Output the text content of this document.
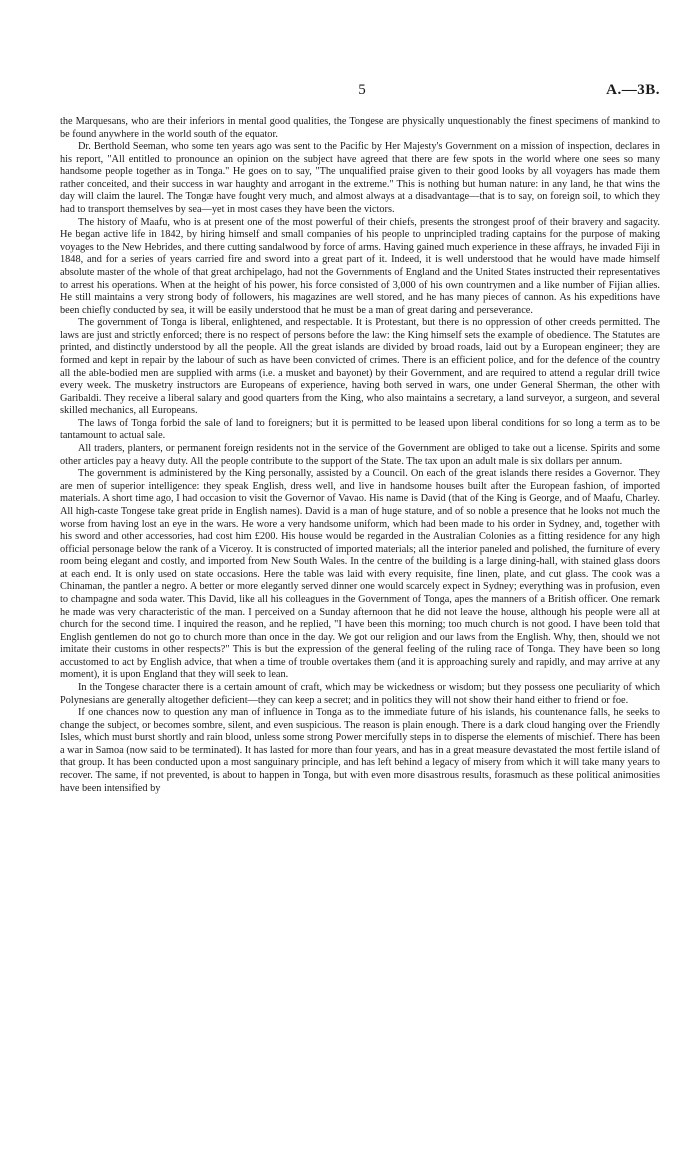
5	A.—3B.

the Marquesans, who are their inferiors in mental good qualities, the Tongese are physically unquestionably the finest specimens of mankind to be found anywhere in the world south of the equator.

Dr. Berthold Seeman, who some ten years ago was sent to the Pacific by Her Majesty's Government on a mission of inspection, declares in his report, "All entitled to pronounce an opinion on the subject have agreed that there are few spots in the world where one sees so many handsome people together as in Tonga." He goes on to say, "The unqualified praise given to their good looks by all voyagers has made them rather conceited, and their success in war haughty and arrogant in the extreme." This is nothing but human nature: in any land, he that wins the day will claim the laurel. The Tongæ have fought very much, and almost always at a disadvantage—that is to say, on foreign soil, to which they had to transport themselves by sea—yet in most cases they have been the victors.

The history of Maafu, who is at present one of the most powerful of their chiefs, presents the strongest proof of their bravery and sagacity. He began active life in 1842, by hiring himself and small companies of his people to unprincipled trading captains for the purpose of making voyages to the New Hebrides, and there cutting sandalwood by force of arms. Having gained much experience in these affrays, he invaded Fiji in 1848, and for a series of years carried fire and sword into a great part of it. Indeed, it is well understood that he would have made himself absolute master of the whole of that great archipelago, had not the Governments of England and the United States instructed their representatives to arrest his operations. When at the height of his power, his force consisted of 3,000 of his own countrymen and a like number of Fijian allies. He still maintains a very strong body of followers, his magazines are well stored, and he has many pieces of cannon. As his expeditions have been chiefly conducted by sea, it will be easily understood that he must be a man of great daring and perseverance.

The government of Tonga is liberal, enlightened, and respectable. It is Protestant, but there is no oppression of other creeds permitted. The laws are just and strictly enforced; there is no respect of persons before the law: the King himself sets the example of obedience. The Statutes are printed, and distinctly understood by all the people. All the great islands are divided by broad roads, laid out by a European engineer; they are formed and kept in repair by the labour of such as have been convicted of crimes. There is an efficient police, and for the defence of the country all the able-bodied men are supplied with arms (i.e. a musket and bayonet) by their Government, and are required to attend a regular drill twice every week. The musketry instructors are Europeans of experience, having both served in wars, one under General Sherman, the other with Garibaldi. They receive a liberal salary and good quarters from the King, who also maintains a secretary, a land surveyor, a surgeon, and several skilled mechanics, all Europeans.

The laws of Tonga forbid the sale of land to foreigners; but it is permitted to be leased upon liberal conditions for so long a term as to be tantamount to actual sale.

All traders, planters, or permanent foreign residents not in the service of the Government are obliged to take out a license. Spirits and some other articles pay a heavy duty. All the people contribute to the support of the State. The tax upon an adult male is six dollars per annum.

The government is administered by the King personally, assisted by a Council. On each of the great islands there resides a Governor. They are men of superior intelligence: they speak English, dress well, and live in handsome houses built after the European fashion, of imported materials. A short time ago, I had occasion to visit the Governor of Vavao. His name is David (that of the King is George, and of Maafu, Charley. All high-caste Tongese take great pride in English names). David is a man of huge stature, and of so noble a presence that he looks not much the worse from having lost an eye in the wars. He wore a very handsome uniform, which had been made to his order in Sydney, and, together with his sword and other accessories, had cost him £200. His house would be regarded in the Australian Colonies as a fitting residence for any high official personage below the rank of a Viceroy. It is constructed of imported materials; all the interior paneled and polished, the furniture of every room being elegant and costly, and imported from New South Wales. In the centre of the building is a large dining-hall, with stained glass doors at each end. It is only used on state occasions. Here the table was laid with every requisite, fine linen, plate, and cut glass. The cook was a Chinaman, the pantler a negro. A better or more elegantly served dinner one would scarcely expect in Sydney; everything was in profusion, even to champagne and soda water. This David, like all his colleagues in the Government of Tonga, apes the manners of a British officer. One remark he made was very characteristic of the man. I perceived on a Sunday afternoon that he did not leave the house, although his people were all at church for the second time. I inquired the reason, and he replied, "I have been this morning; too much church is not good. I have been told that English gentlemen do not go to church more than once in the day. We got our religion and our laws from the English. Why, then, should we not imitate their customs in other respects?" This is but the expression of the general feeling of the ruling race of Tonga. They have been so long accustomed to act by English advice, that when a time of trouble overtakes them (and it is approaching surely and rapidly, and may arrive at any moment), it is upon England that they will seek to lean.

In the Tongese character there is a certain amount of craft, which may be wickedness or wisdom; but they possess one peculiarity of which Polynesians are generally altogether deficient—they can keep a secret; and in politics they will not show their hand either to friend or foe.

If one chances now to question any man of influence in Tonga as to the immediate future of his islands, his countenance falls, he seeks to change the subject, or becomes sombre, silent, and even suspicious. The reason is plain enough. There is a dark cloud hanging over the Friendly Isles, which must burst shortly and rain blood, unless some strong Power mercifully steps in to disperse the elements of mischief. There has been a war in Samoa (now said to be terminated). It has lasted for more than four years, and has in a great measure devastated the most fertile island of that group. It has been conducted upon a most sanguinary principle, and has left behind a legacy of misery from which it will take many years to recover. The same, if not prevented, is about to happen in Tonga, but with even more disastrous results, forasmuch as these political animosities have been intensified by
